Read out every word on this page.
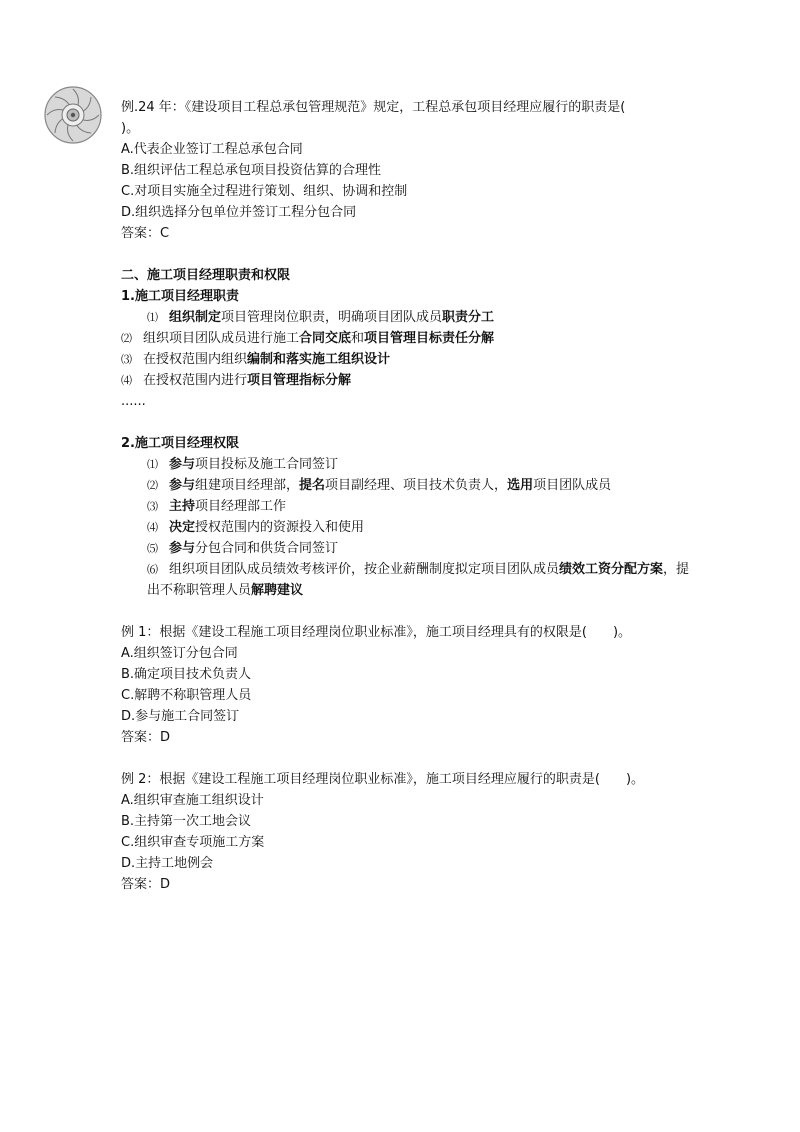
例.24 年：《建设项目工程总承包管理规范》规定，工程总承包项目经理应履行的职责是(
)。
A.代表企业签订工程总承包合同
B.组织评估工程总承包项目投资估算的合理性
C.对项目实施全过程进行策划、组织、协调和控制
D.组织选择分包单位并签订工程分包合同
答案：C
二、施工项目经理职责和权限
1.施工项目经理职责
⑴ 组织制定项目管理岗位职责，明确项目团队成员职责分工
⑵ 组织项目团队成员进行施工合同交底和项目管理目标责任分解
⑶ 在授权范围内组织编制和落实施工组织设计
⑷ 在授权范围内进行项目管理指标分解
......
2.施工项目经理权限
⑴ 参与项目投标及施工合同签订
⑵ 参与组建项目经理部，提名项目副经理、项目技术负责人，选用项目团队成员
⑶ 主持项目经理部工作
⑷ 决定授权范围内的资源投入和使用
⑸ 参与分包合同和供货合同签订
⑹ 组织项目团队成员绩效考核评价，按企业薪酬制度拟定项目团队成员绩效工资分配方案，提出不称职管理人员解聘建议
例 1：根据《建设工程施工项目经理岗位职业标准》，施工项目经理具有的权限是(　　)。
A.组织签订分包合同
B.确定项目技术负责人
C.解聘不称职管理人员
D.参与施工合同签订
答案：D
例 2：根据《建设工程施工项目经理岗位职业标准》，施工项目经理应履行的职责是(　　)。
A.组织审查施工组织设计
B.主持第一次工地会议
C.组织审查专项施工方案
D.主持工地例会
答案：D
